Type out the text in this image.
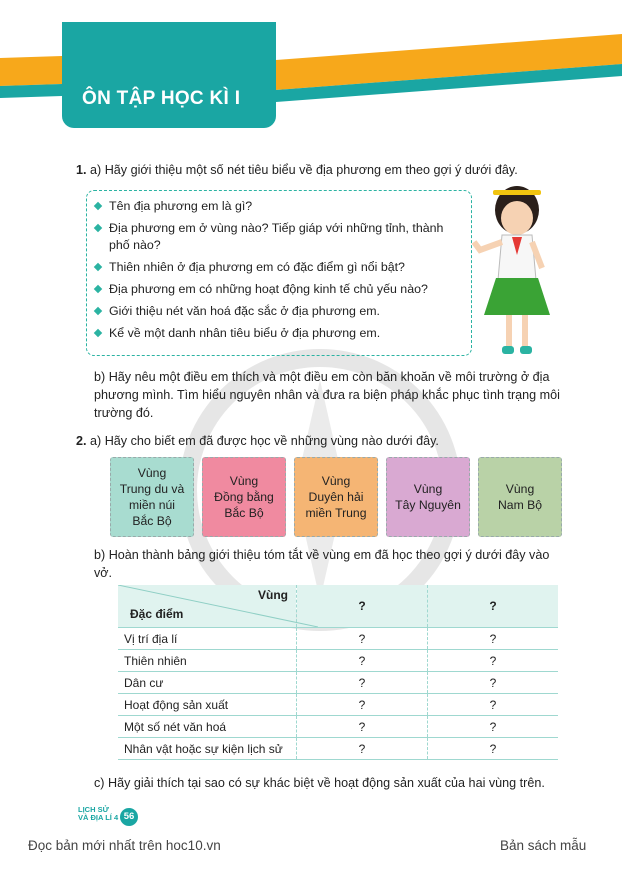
ÔN TẬP HỌC KÌ I
1. a) Hãy giới thiệu một số nét tiêu biểu về địa phương em theo gợi ý dưới đây.
Tên địa phương em là gì?
Địa phương em ở vùng nào? Tiếp giáp với những tỉnh, thành phố nào?
Thiên nhiên ở địa phương em có đặc điểm gì nổi bật?
Địa phương em có những hoạt động kinh tế chủ yếu nào?
Giới thiệu nét văn hoá đặc sắc ở địa phương em.
Kể về một danh nhân tiêu biểu ở địa phương em.
b) Hãy nêu một điều em thích và một điều em còn băn khoăn về môi trường ở địa phương mình. Tìm hiểu nguyên nhân và đưa ra biện pháp khắc phục tình trạng môi trường đó.
2. a) Hãy cho biết em đã được học về những vùng nào dưới đây.
Vùng
Trung du và
miền núi
Bắc Bộ
Vùng
Đồng bằng
Bắc Bộ
Vùng
Duyên hải
miền Trung
Vùng
Tây Nguyên
Vùng
Nam Bộ
b) Hoàn thành bảng giới thiệu tóm tắt về vùng em đã học theo gợi ý dưới đây vào vở.
Vùng
Đặc điểm	?	?
Vị trí địa lí	?	?
Thiên nhiên	?	?
Dân cư	?	?
Hoạt động sản xuất	?	?
Một số nét văn hoá	?	?
Nhân vật hoặc sự kiện lịch sử	?	?
c) Hãy giải thích tại sao có sự khác biệt về hoạt động sản xuất của hai vùng trên.
LỊCH SỬ
VÀ ĐỊA LÍ 4 56
Đọc bản mới nhất trên hoc10.vn	Bản sách mẫu
